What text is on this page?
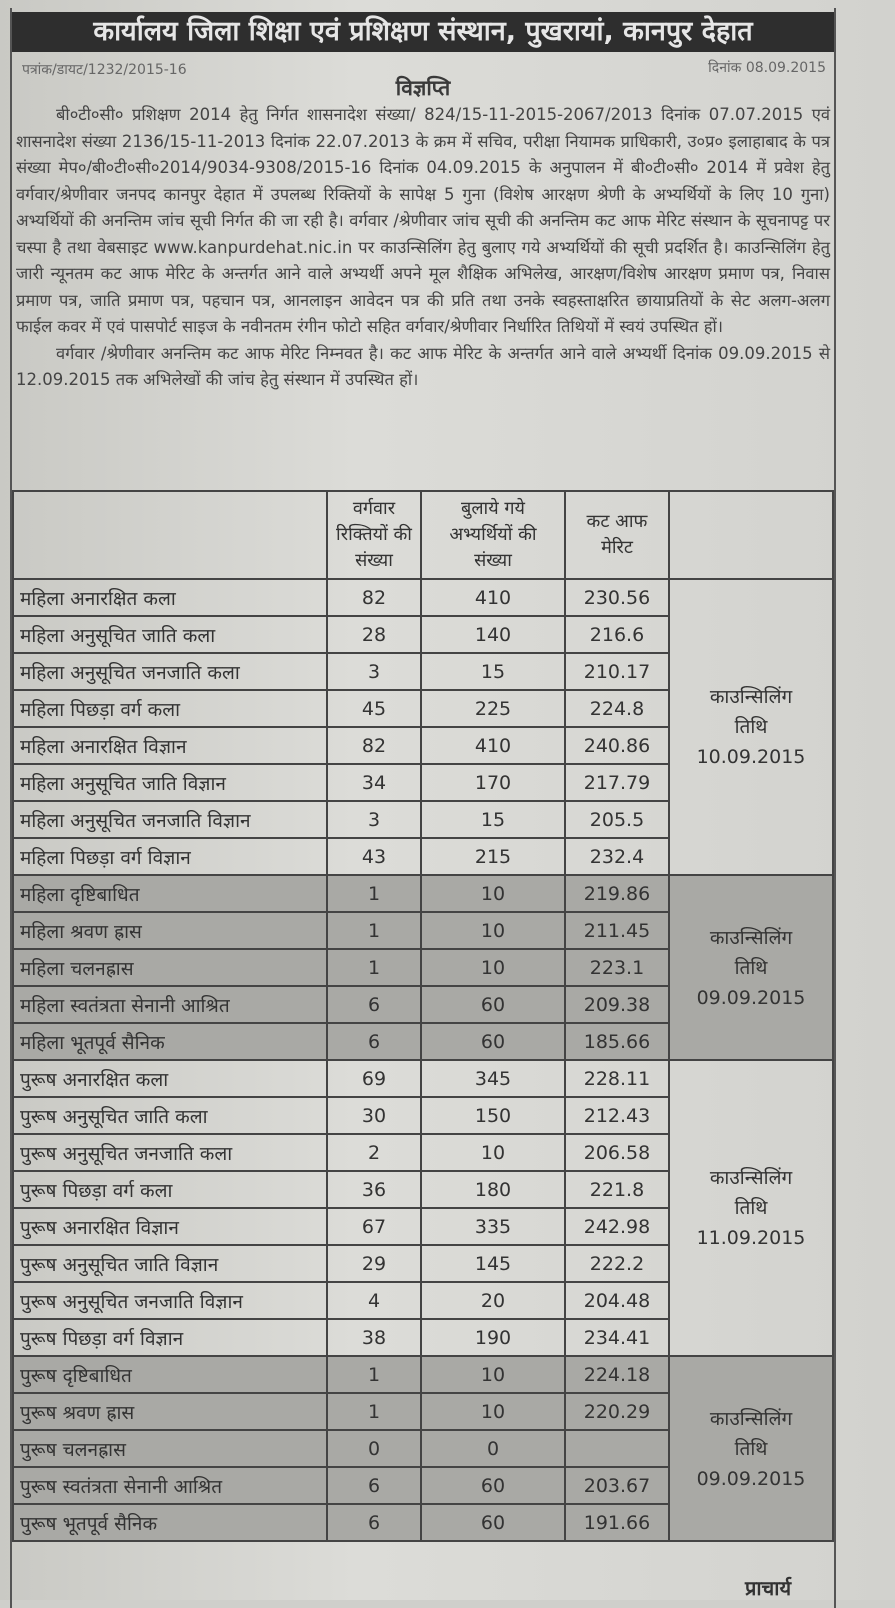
कार्यालय जिला शिक्षा एवं प्रशिक्षण संस्थान, पुखरायां, कानपुर देहात
पत्रांक/डायट/1232/2015-16	दिनांक 08.09.2015
विज्ञप्ति

बी०टी०सी० प्रशिक्षण 2014 हेतु निर्गत शासनादेश संख्या/ 824/15-11-2015-2067/2013 दिनांक 07.07.2015 एवं शासनादेश संख्या 2136/15-11-2013 दिनांक 22.07.2013 के क्रम में सचिव, परीक्षा नियामक प्राधिकारी, उ०प्र० इलाहाबाद के पत्र संख्या मेप०/बी०टी०सी०2014/9034-9308/2015-16 दिनांक 04.09.2015 के अनुपालन में बी०टी०सी० 2014 में प्रवेश हेतु वर्गवार/श्रेणीवार जनपद कानपुर देहात में उपलब्ध रिक्तियों के सापेक्ष 5 गुना (विशेष आरक्षण श्रेणी के अभ्यर्थियों के लिए 10 गुना) अभ्यर्थियों की अनन्तिम जांच सूची निर्गत की जा रही है। वर्गवार /श्रेणीवार जांच सूची की अनन्तिम कट आफ मेरिट संस्थान के सूचनापट्ट पर चस्पा है तथा वेबसाइट www.kanpurdehat.nic.in पर काउन्सिलिंग हेतु बुलाए गये अभ्यर्थियों की सूची प्रदर्शित है। काउन्सिलिंग हेतु जारी न्यूनतम कट आफ मेरिट के अन्तर्गत आने वाले अभ्यर्थी अपने मूल शैक्षिक अभिलेख, आरक्षण/विशेष आरक्षण प्रमाण पत्र, निवास प्रमाण पत्र, जाति प्रमाण पत्र, पहचान पत्र, आनलाइन आवेदन पत्र की प्रति तथा उनके स्वहस्ताक्षरित छायाप्रतियों के सेट अलग-अलग फाईल कवर में एवं पासपोर्ट साइज के नवीनतम रंगीन फोटो सहित वर्गवार/श्रेणीवार निर्धारित तिथियों में स्वयं उपस्थित हों।

वर्गवार /श्रेणीवार अनन्तिम कट आफ मेरिट निम्नवत है। कट आफ मेरिट के अन्तर्गत आने वाले अभ्यर्थी दिनांक 09.09.2015 से 12.09.2015 तक अभिलेखों की जांच हेतु संस्थान में उपस्थित हों।

	वर्गवार रिक्तियों की संख्या	बुलाये गये अभ्यर्थियों की संख्या	कट आफ मेरिट	
महिला अनारक्षित कला	82	410	230.56	काउन्सिलिंग
तिथि
10.09.2015

महिला अनुसूचित जाति कला	28	140	216.6	
महिला अनुसूचित जनजाति कला	3	15	210.17	
महिला पिछड़ा वर्ग कला	45	225	224.8	
महिला अनारक्षित विज्ञान	82	410	240.86	
महिला अनुसूचित जाति विज्ञान	34	170	217.79	
महिला अनुसूचित जनजाति विज्ञान	3	15	205.5	
महिला पिछड़ा वर्ग विज्ञान	43	215	232.4	
महिला दृष्टिबाधित	1	10	219.86	काउन्सिलिंग
तिथि
09.09.2015

महिला श्रवण ह्रास	1	10	211.45	
महिला चलनह्रास	1	10	223.1	
महिला स्वतंत्रता सेनानी आश्रित	6	60	209.38	
महिला भूतपूर्व सैनिक	6	60	185.66	
पुरूष अनारक्षित कला	69	345	228.11	काउन्सिलिंग
तिथि
11.09.2015

पुरूष अनुसूचित जाति कला	30	150	212.43	
पुरूष अनुसूचित जनजाति कला	2	10	206.58	
पुरूष पिछड़ा वर्ग कला	36	180	221.8	
पुरूष अनारक्षित विज्ञान	67	335	242.98	
पुरूष अनुसूचित जाति विज्ञान	29	145	222.2	
पुरूष अनुसूचित जनजाति विज्ञान	4	20	204.48	
पुरूष पिछड़ा वर्ग विज्ञान	38	190	234.41	
पुरूष दृष्टिबाधित	1	10	224.18	काउन्सिलिंग
तिथि
09.09.2015

पुरूष श्रवण ह्रास	1	10	220.29	
पुरूष चलनह्रास	0	0		
पुरूष स्वतंत्रता सेनानी आश्रित	6	60	203.67	
पुरूष भूतपूर्व सैनिक	6	60	191.66	
प्राचार्य
